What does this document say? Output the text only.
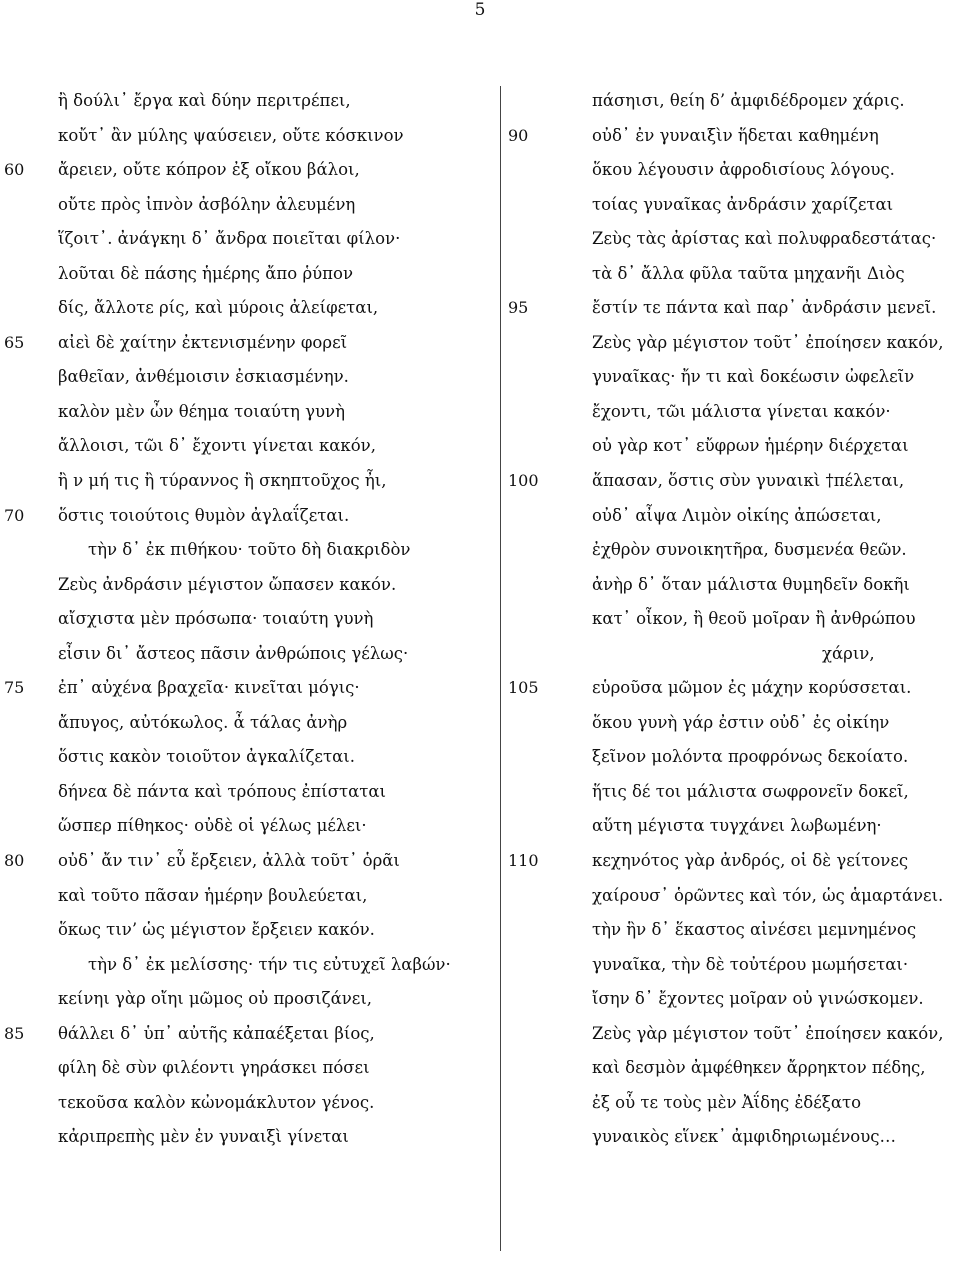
5
ἢ δούλι᾽ ἔργα καὶ δύην περιτρέπει,
κοὔτ᾽ ἂν μύλης ψαύσειεν, οὔτε κόσκινον
60 ἄρειεν, οὔτε κόπρον ἐξ οἴκου βάλοι,
οὔτε πρὸς ἰπνὸν ἀσβόλην ἀλευμένη
ἵζοιτ᾽. ἀνάγκηι δ᾽ ἄνδρα ποιεῖται φίλον·
λοῦται δὲ πάσης ἡμέρης ἄπο ῥύπον
δίς, ἄλλοτε ρίς, καὶ μύροις ἀλείφεται,
65 αἰεὶ δὲ χαίτην ἐκτενισμένην φορεῖ
βαθεῖαν, ἀνθέμοισιν ἐσκιασμένην.
καλὸν μὲν ὦν θέημα τοιαύτη γυνὴ
ἄλλοισι, τῶι δ᾽ ἔχοντι γίνεται κακόν,
ἢ ν μή τις ἢ τύραννος ἢ σκηπτοῦχος ἦι,
70 ὅστις τοιούτοις θυμὸν ἀγλαΐζεται.
τὴν δ᾽ ἐκ πιθήκου· τοῦτο δὴ διακριδὸν
Ζεὺς ἀνδράσιν μέγιστον ὤπασεν κακόν.
αἴσχιστα μὲν πρόσωπα· τοιαύτη γυνὴ
εἶσιν δι᾽ ἄστεος πᾶσιν ἀνθρώποις γέλως·
75 ἐπ᾽ αὐχένα βραχεῖα· κινεῖται μόγις·
ἄπυγος, αὐτόκωλος. ἆ τάλας ἀνὴρ
ὅστις κακὸν τοιοῦτον ἀγκαλίζεται.
δήνεα δὲ πάντα καὶ τρόπους ἐπίσταται
ὥσπερ πίθηκος· οὐδὲ οἱ γέλως μέλει·
80 οὐδ᾽ ἄν τιν᾽ εὖ ἔρξειεν, ἀλλὰ τοῦτ᾽ ὁρᾶι
καὶ τοῦτο πᾶσαν ἡμέρην βουλεύεται,
ὅκως τιν’ ὡς μέγιστον ἔρξειεν κακόν.
τὴν δ᾽ ἐκ μελίσσης· τήν τις εὐτυχεῖ λαβών·
κείνηι γὰρ οἴηι μῶμος οὐ προσιζάνει,
85 θάλλει δ᾽ ὑπ᾽ αὐτῆς κἀπαέξεται βίος,
φίλη δὲ σὺν φιλέοντι γηράσκει πόσει
τεκοῦσα καλὸν κὠνομάκλυτον γένος.
κἀριπρεπὴς μὲν ἐν γυναιξὶ γίνεται
πάσηισι, θείη δ’ ἀμφιδέδρομεν χάρις.
90	οὐδ᾽ ἐν γυναιξὶν ἥδεται καθημένη
ὅκου λέγουσιν ἀφροδισίους λόγους.
τοίας γυναῖκας ἀνδράσιν χαρίζεται
Ζεὺς τὰς ἀρίστας καὶ πολυφραδεστάτας·
τὰ δ᾽ ἄλλα φῦλα ταῦτα μηχανῆι Διὸς
95	ἔστίν τε πάντα καὶ παρ᾽ ἀνδράσιν μενεῖ.
Ζεὺς γὰρ μέγιστον τοῦτ᾽ ἐποίησεν κακόν,
γυναῖκας· ἤν τι καὶ δοκέωσιν ὠφελεῖν
ἔχοντι, τῶι μάλιστα γίνεται κακόν·
οὐ γὰρ κοτ᾽ εὔφρων ἡμέρην διέρχεται
100	ἅπασαν, ὅστις σὺν γυναικὶ †πέλεται,
οὐδ᾽ αἶψα Λιμὸν οἰκίης ἀπώσεται,
ἐχθρὸν συνοικητῆρα, δυσμενέα θεῶν.
ἀνὴρ δ᾽ ὅταν μάλιστα θυμηδεῖν δοκῆι
κατ᾽ οἶκον, ἢ θεοῦ μοῖραν ἢ ἀνθρώπου
χάριν,
105	εὑροῦσα μῶμον ἐς μάχην κορύσσεται.
ὅκου γυνὴ γάρ ἐστιν οὐδ᾽ ἐς οἰκίην
ξεῖνον μολόντα προφρόνως δεκοίατο.
ἥτις δέ τοι μάλιστα σωφρονεῖν δοκεῖ,
αὕτη μέγιστα τυγχάνει λωβωμένη·
110	κεχηνότος γὰρ ἀνδρός, οἱ δὲ γείτονες
χαίρουσ᾽ ὁρῶντες καὶ τόν, ὡς ἁμαρτάνει.
τὴν ἣν δ᾽ ἕκαστος αἰνέσει μεμνημένος
γυναῖκα, τὴν δὲ τοὐτέρου μωμήσεται·
ἴσην δ᾽ ἔχοντες μοῖραν οὐ γινώσκομεν.
Ζεὺς γὰρ μέγιστον τοῦτ᾽ ἐποίησεν κακόν,
καὶ δεσμὸν ἀμφέθηκεν ἄρρηκτον πέδης,
ἐξ οὗ τε τοὺς μὲν Ἀΐδης ἐδέξατο
γυναικὸς εἵνεκ᾽ ἀμφιδηριωμένους…
